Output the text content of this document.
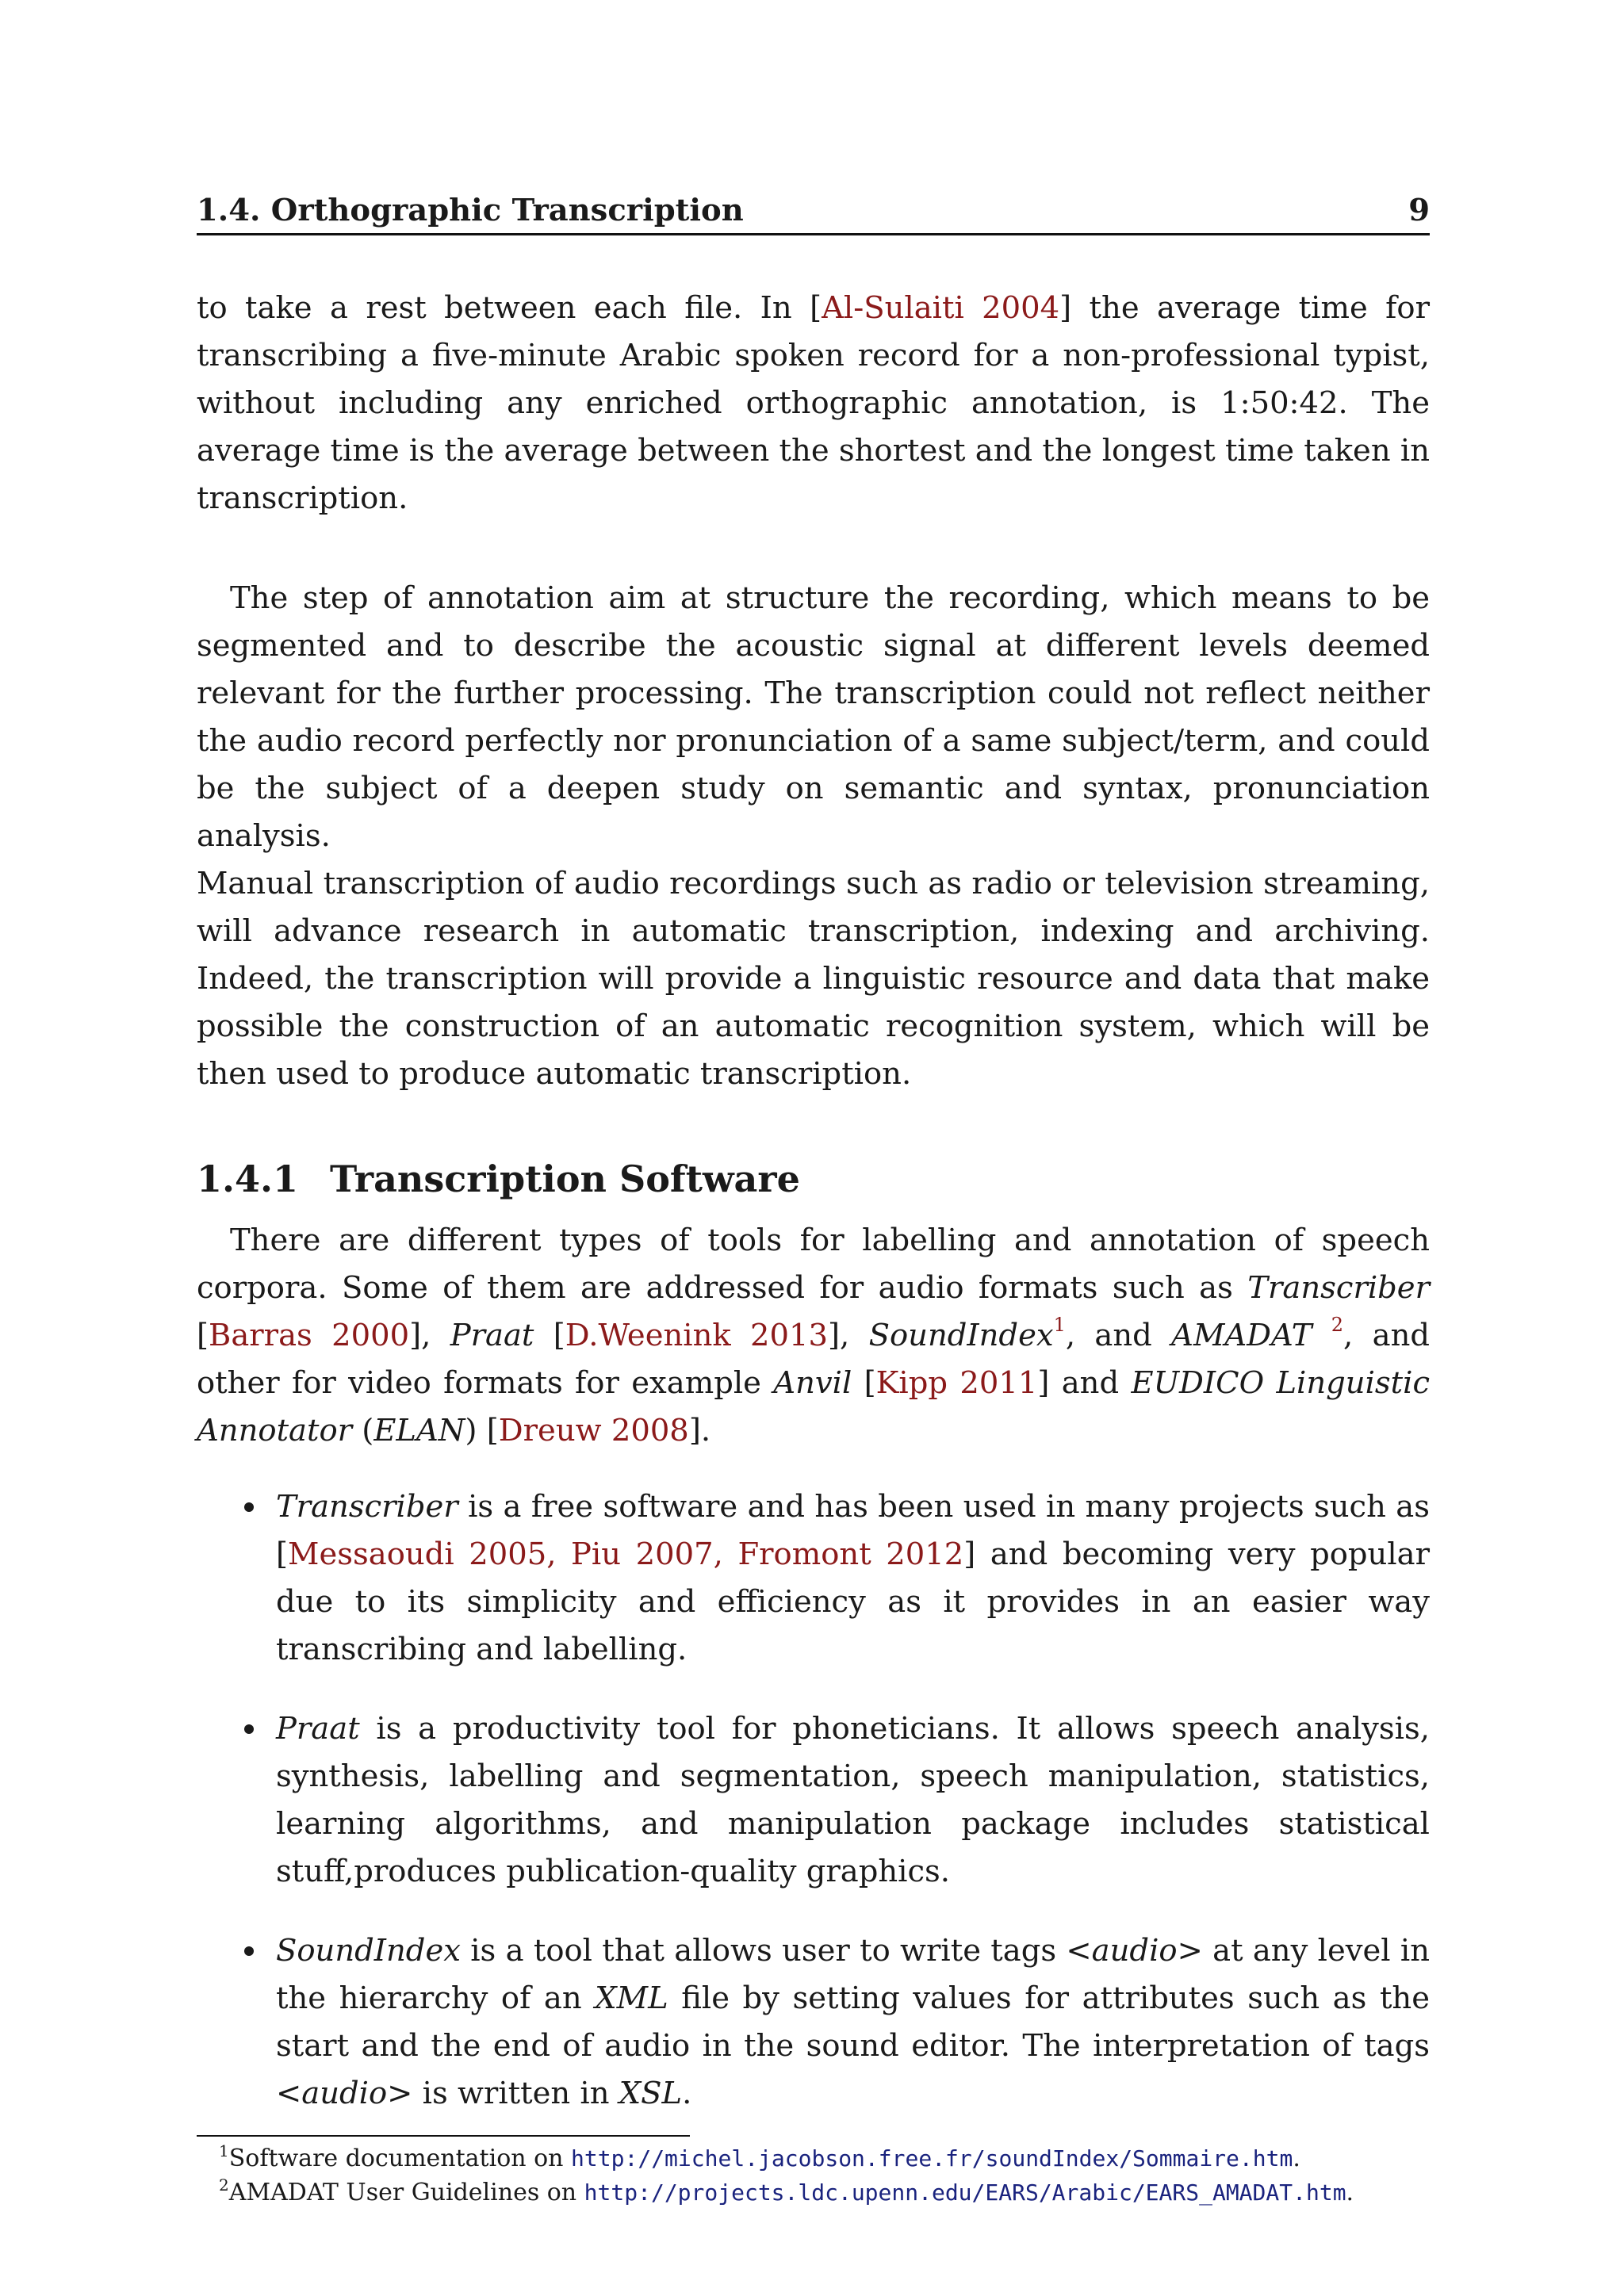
1.4. Orthographic Transcription	9

to take a rest between each file. In [Al-Sulaiti 2004] the average time for transcribing a five-minute Arabic spoken record for a non-professional typist, without including any enriched orthographic annotation, is 1:50:42. The average time is the average between the shortest and the longest time taken in transcription.

The step of annotation aim at structure the recording, which means to be segmented and to describe the acoustic signal at different levels deemed relevant for the further processing. The transcription could not reflect neither the audio record perfectly nor pronunciation of a same subject/term, and could be the subject of a deepen study on semantic and syntax, pronunciation analysis.

Manual transcription of audio recordings such as radio or television streaming, will advance research in automatic transcription, indexing and archiving. Indeed, the transcription will provide a linguistic resource and data that make possible the construction of an automatic recognition system, which will be then used to produce automatic transcription.

1.4.1 Transcription Software

There are different types of tools for labelling and annotation of speech corpora. Some of them are addressed for audio formats such as Transcriber [Barras 2000], Praat [D.Weenink 2013], SoundIndex$^1$, and AMADAT $^2$, and other for video formats for example Anvil [Kipp 2011] and EUDICO Linguistic Annotator (ELAN) [Dreuw 2008].

Transcriber is a free software and has been used in many projects such as [Messaoudi 2005, Piu 2007, Fromont 2012] and becoming very popular due to its simplicity and efficiency as it provides in an easier way transcribing and labelling.
Praat is a productivity tool for phoneticians. It allows speech analysis, synthesis, labelling and segmentation, speech manipulation, statistics, learning algorithms, and manipulation package includes statistical stuff,produces publication-quality graphics.
SoundIndex is a tool that allows user to write tags <audio> at any level in the hierarchy of an XML file by setting values for attributes such as the start and the end of audio in the sound editor. The interpretation of tags <audio> is written in XSL.
$^1$Software documentation on http://michel.jacobson.free.fr/soundIndex/Sommaire.htm.
$^2$AMADAT User Guidelines on http://projects.ldc.upenn.edu/EARS/Arabic/EARS_AMADAT.htm.
